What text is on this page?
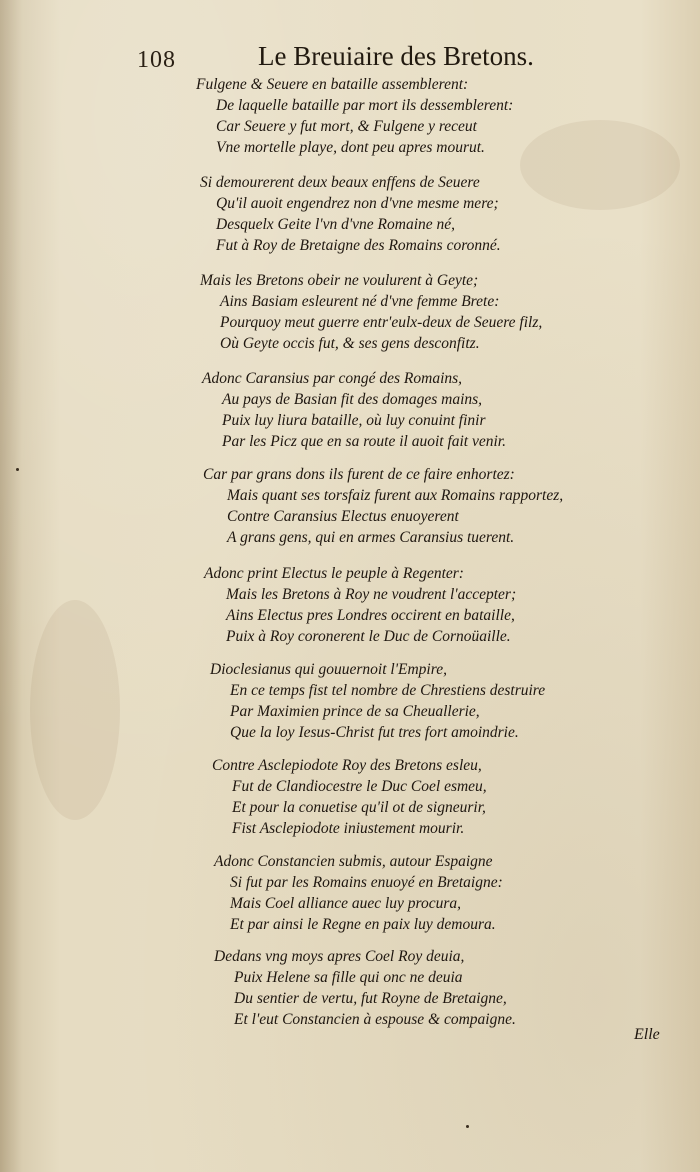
108	Le Breuiaire des Bretons.
Fulgene & Seuere en bataille assemblerent:
De laquelle bataille par mort ils dessemblerent:
Car Seuere y fut mort, & Fulgene y receut
Vne mortelle playe, dont peu apres mourut.
Si demourerent deux beaux enffens de Seuere
Qu'il auoit engendrez non d'vne mesme mere;
Desquelx Geite l'vn d'vne Romaine né,
Fut à Roy de Bretaigne des Romains coronné.
Mais les Bretons obeir ne voulurent à Geyte;
Ains Basiam esleurent né d'vne femme Brete:
Pourquoy meut guerre entr'eulx-deux de Seuere filz,
Où Geyte occis fut, & ses gens desconfitz.
Adonc Caransius par congé des Romains,
Au pays de Basian fit des domages mains,
Puix luy liura bataille, où luy conuint finir
Par les Picz que en sa route il auoit fait venir.
Car par grans dons ils furent de ce faire enhortez:
Mais quant ses torsfaiz furent aux Romains rapportez,
Contre Caransius Electus enuoyerent
A grans gens, qui en armes Caransius tuerent.
Adonc print Electus le peuple à Regenter:
Mais les Bretons à Roy ne voudrent l'accepter;
Ains Electus pres Londres occirent en bataille,
Puix à Roy coronerent le Duc de Cornoüaille.
Dioclesianus qui gouuernoit l'Empire,
En ce temps fist tel nombre de Chrestiens destruire
Par Maximien prince de sa Cheuallerie,
Que la loy Iesus-Christ fut tres fort amoindrie.
Contre Asclepiodote Roy des Bretons esleu,
Fut de Clandiocestre le Duc Coel esmeu,
Et pour la conuetise qu'il ot de signeurir,
Fist Asclepiodote iniustement mourir.
Adonc Constancien submis, autour Espaigne
Si fut par les Romains enuoyé en Bretaigne:
Mais Coel alliance auec luy procura,
Et par ainsi le Regne en paix luy demoura.
Dedans vng moys apres Coel Roy deuia,
Puix Helene sa fille qui onc ne deuia
Du sentier de vertu, fut Royne de Bretaigne,
Et l'eut Constancien à espouse & compaigne.
Elle
